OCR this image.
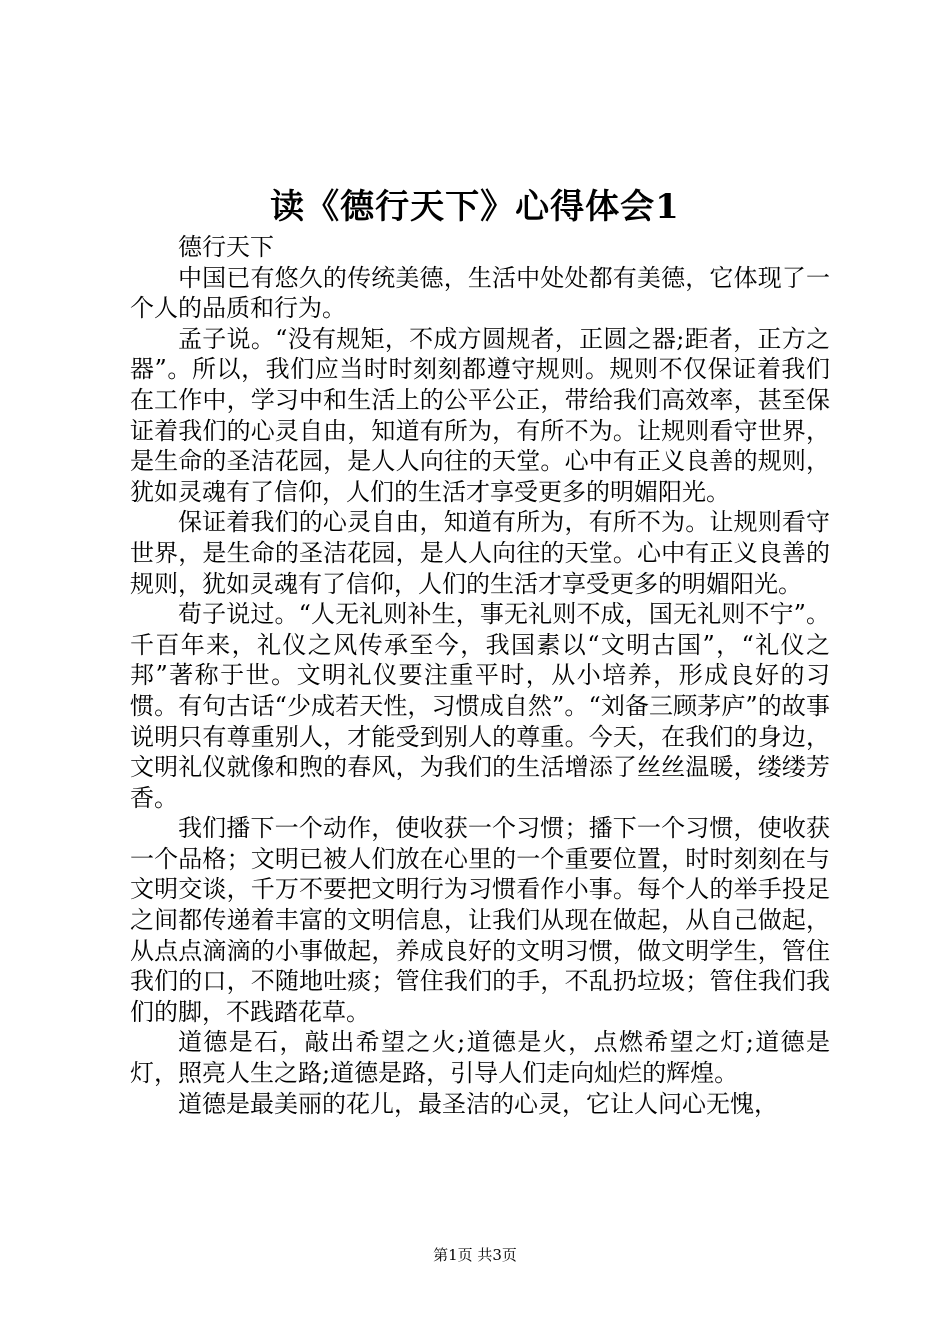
读《德行天下》心得体会1

德行天下

中国已有悠久的传统美德，生活中处处都有美德，它体现了一个人的品质和行为。

孟子说。“没有规矩，不成方圆规者，正圆之器;距者，正方之器”。所以，我们应当时时刻刻都遵守规则。规则不仅保证着我们在工作中，学习中和生活上的公平公正，带给我们高效率，甚至保证着我们的心灵自由，知道有所为，有所不为。让规则看守世界，是生命的圣洁花园，是人人向往的天堂。心中有正义良善的规则，犹如灵魂有了信仰，人们的生活才享受更多的明媚阳光。

保证着我们的心灵自由，知道有所为，有所不为。让规则看守世界，是生命的圣洁花园，是人人向往的天堂。心中有正义良善的规则，犹如灵魂有了信仰，人们的生活才享受更多的明媚阳光。

荀子说过。“人无礼则补生，事无礼则不成，国无礼则不宁”。千百年来，礼仪之风传承至今，我国素以“文明古国”，“礼仪之邦”著称于世。文明礼仪要注重平时，从小培养，形成良好的习惯。有句古话“少成若天性，习惯成自然”。“刘备三顾茅庐”的故事说明只有尊重别人，才能受到别人的尊重。今天，在我们的身边，文明礼仪就像和煦的春风，为我们的生活增添了丝丝温暖，缕缕芳香。

我们播下一个动作，使收获一个习惯；播下一个习惯，使收获一个品格；文明已被人们放在心里的一个重要位置，时时刻刻在与文明交谈，千万不要把文明行为习惯看作小事。每个人的举手投足之间都传递着丰富的文明信息，让我们从现在做起，从自己做起，从点点滴滴的小事做起，养成良好的文明习惯，做文明学生，管住我们的口，不随地吐痰；管住我们的手，不乱扔垃圾；管住我们我们的脚，不践踏花草。

道德是石，敲出希望之火;道德是火，点燃希望之灯;道德是灯，照亮人生之路;道德是路，引导人们走向灿烂的辉煌。

道德是最美丽的花儿，最圣洁的心灵，它让人问心无愧，

第1页 共3页
